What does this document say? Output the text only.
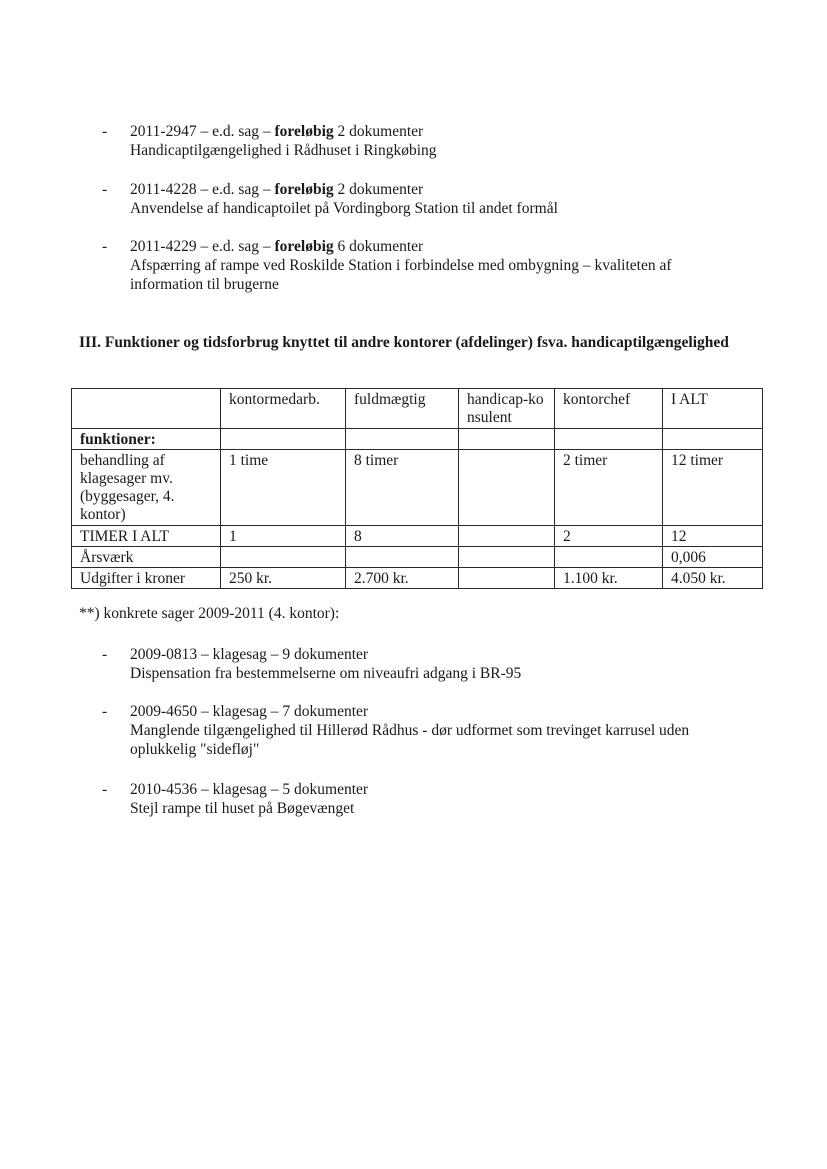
- 2011-2947 – e.d. sag – foreløbig 2 dokumenter
Handicaptilgængelighed i Rådhuset i Ringkøbing
- 2011-4228 – e.d. sag – foreløbig 2 dokumenter
Anvendelse af handicaptoilet på Vordingborg Station til andet formål
- 2011-4229 – e.d. sag – foreløbig 6 dokumenter
Afspærring af rampe ved Roskilde Station i forbindelse med ombygning – kvaliteten af information til brugerne
III. Funktioner og tidsforbrug knyttet til andre kontorer (afdelinger) fsva. handicaptilgængelighed
	kontormedarb.	fuldmægtig	handicap-konsulent	kontorchef	I ALT
funktioner:					
behandling af klagesager mv. (byggesager, 4. kontor)	1 time	8 timer		2 timer	12 timer
TIMER I ALT	1	8		2	12
Årsværk					0,006
Udgifter i kroner	250 kr.	2.700 kr.		1.100 kr.	4.050 kr.
**) konkrete sager 2009-2011 (4. kontor):
- 2009-0813 – klagesag – 9 dokumenter
Dispensation fra bestemmelserne om niveaufri adgang i BR-95
- 2009-4650 – klagesag – 7 dokumenter
Manglende tilgængelighed til Hillerød Rådhus - dør udformet som trevinget karrusel uden oplukkelig "sidefløj"
- 2010-4536 – klagesag – 5 dokumenter
Stejl rampe til huset på Bøgevænget
